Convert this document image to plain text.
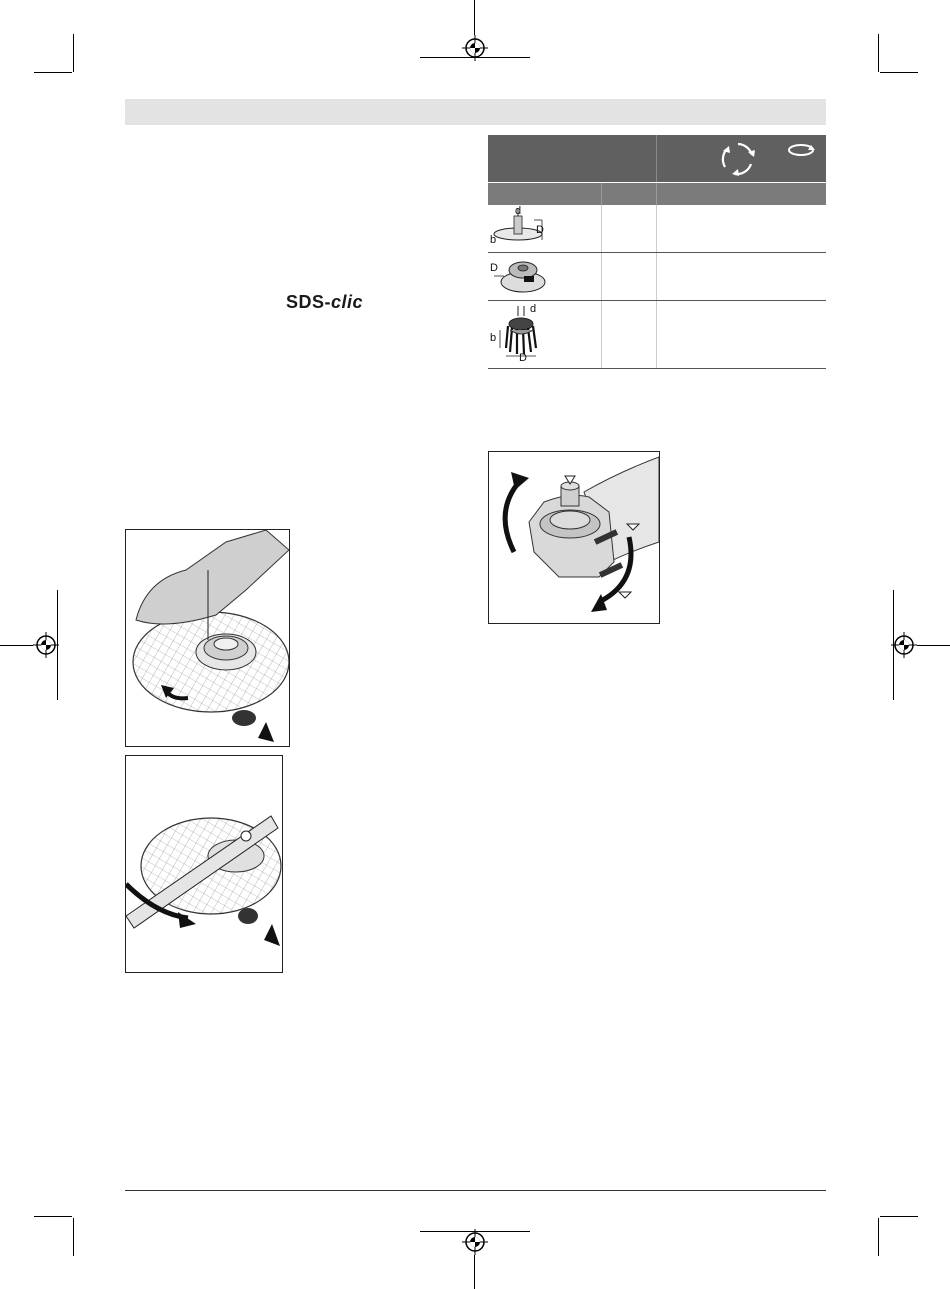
SDS-clic
d
b
D
D
d
b
D
